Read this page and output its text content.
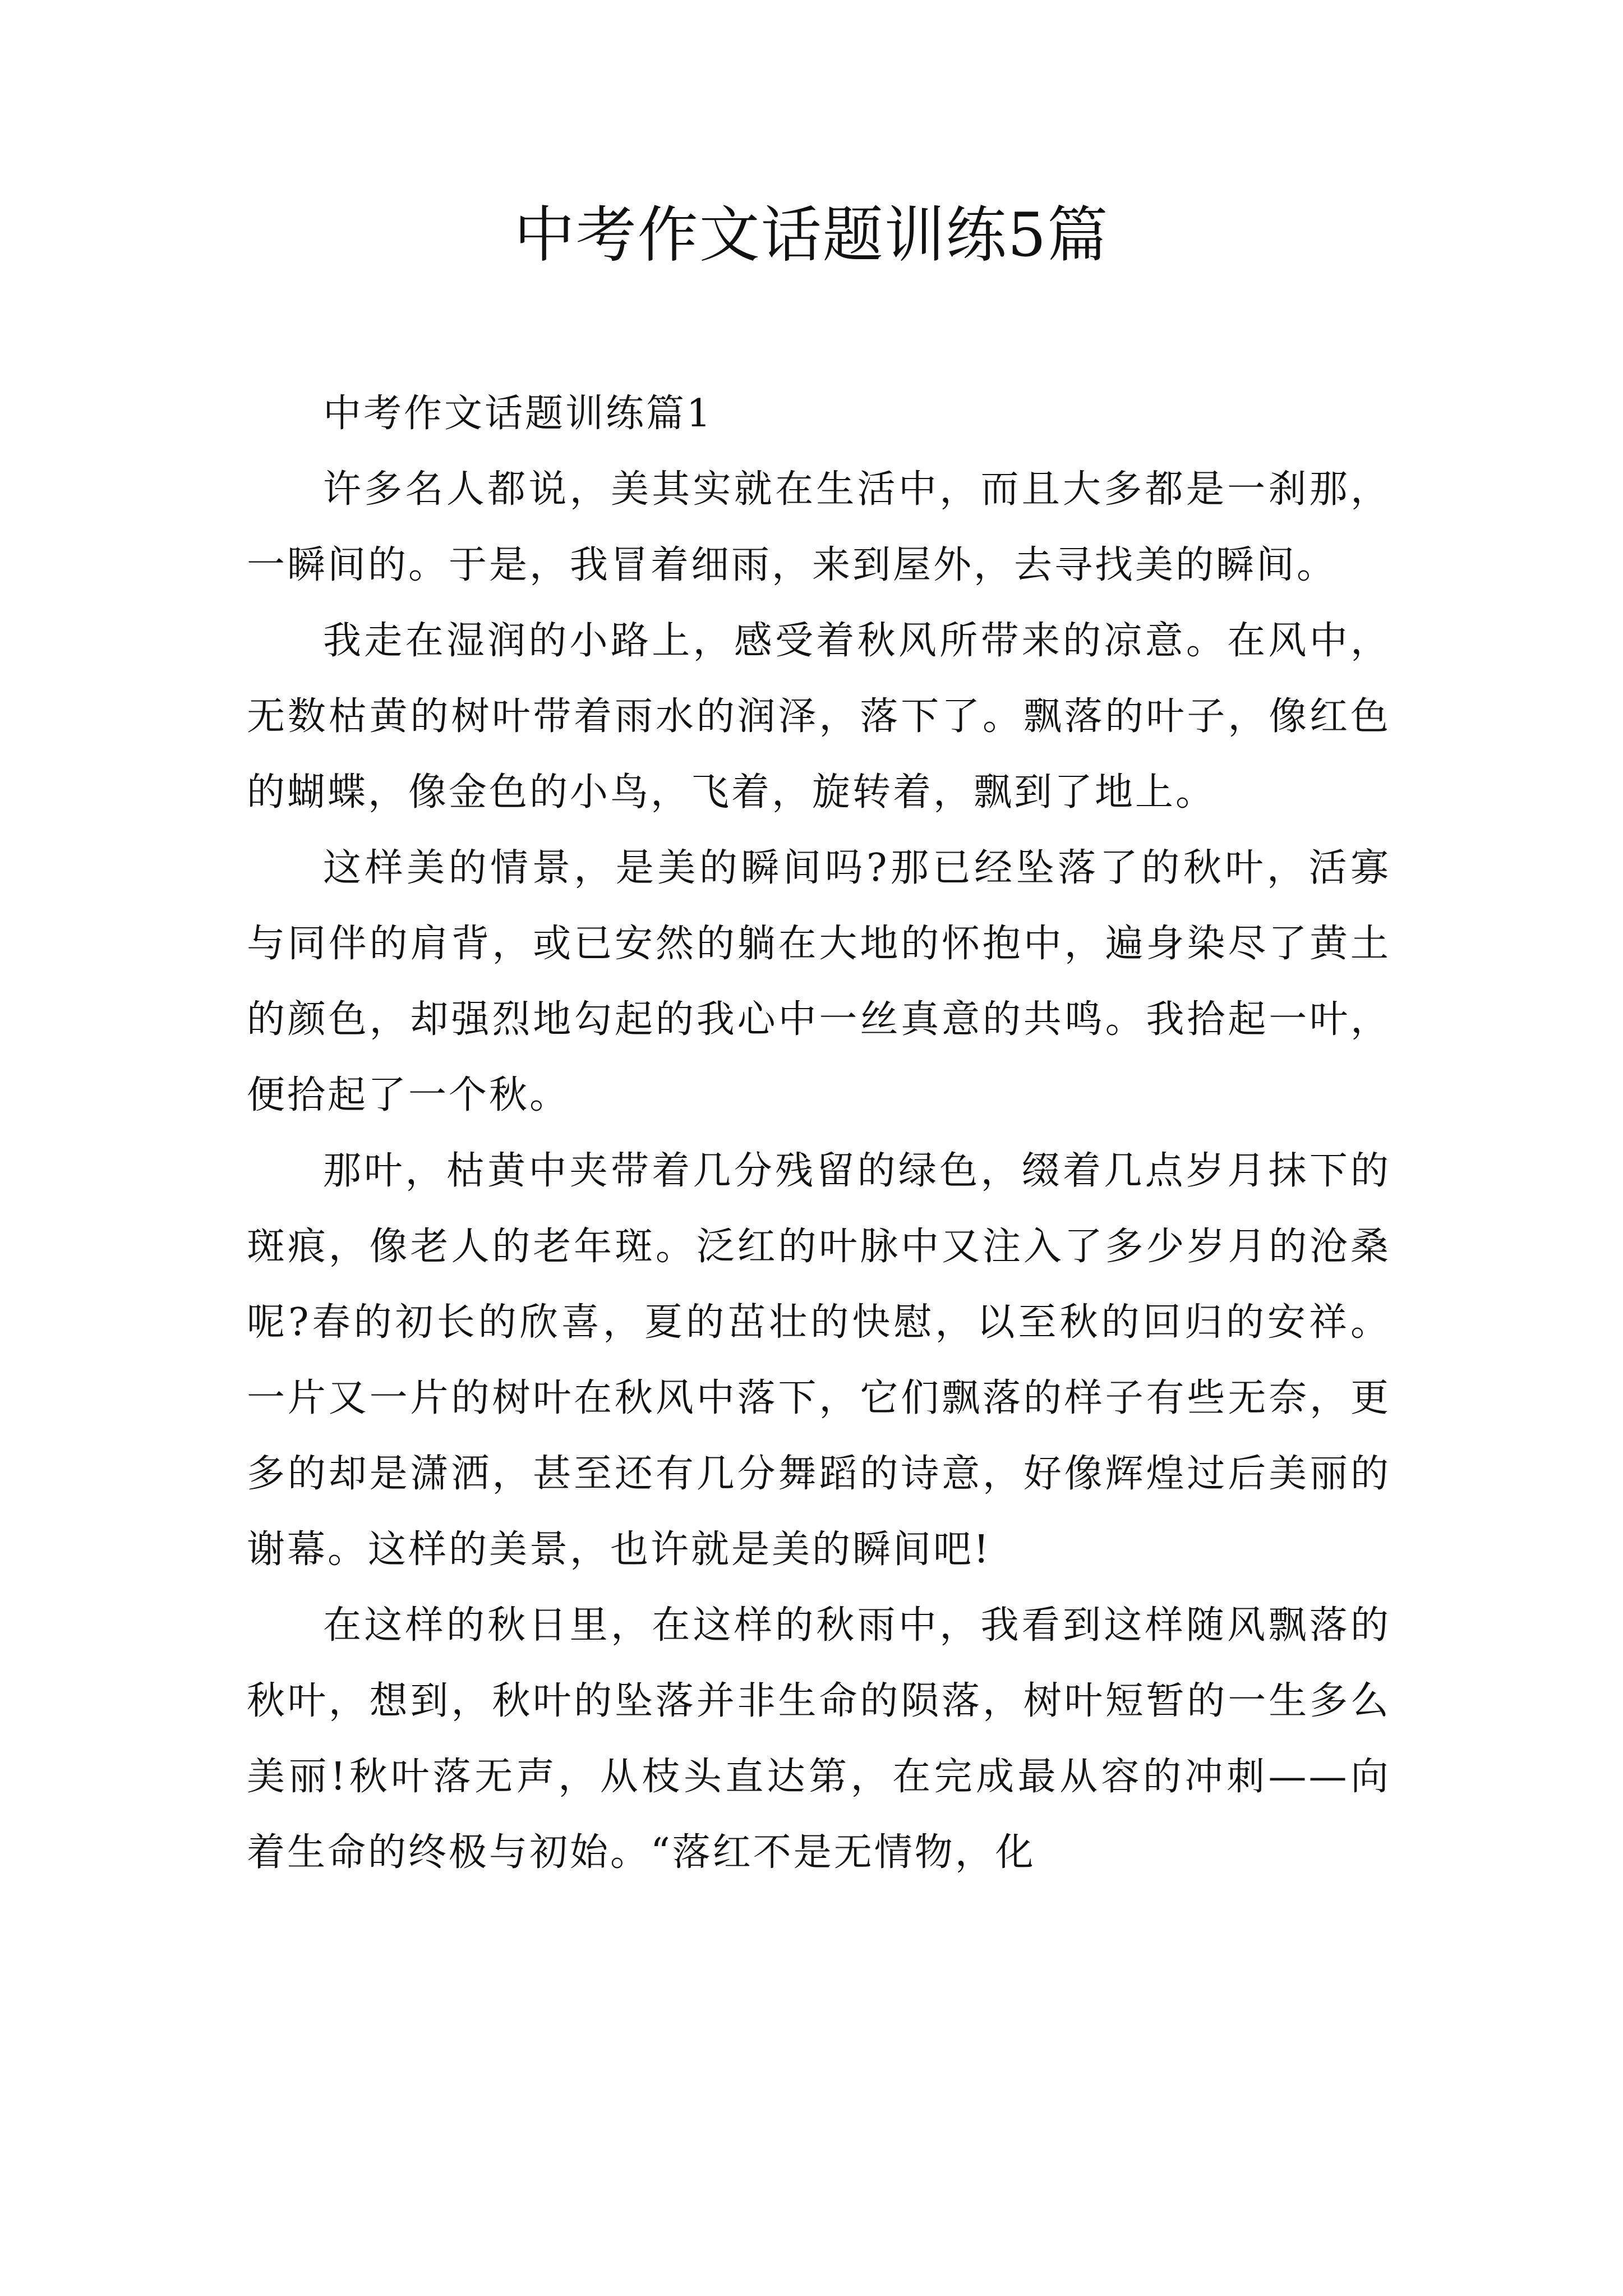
中考作文话题训练5篇

中考作文话题训练篇1

许多名人都说，美其实就在生活中，而且大多都是一刹那，一瞬间的。于是，我冒着细雨，来到屋外，去寻找美的瞬间。

我走在湿润的小路上，感受着秋风所带来的凉意。在风中，无数枯黄的树叶带着雨水的润泽，落下了。飘落的叶子，像红色的蝴蝶，像金色的小鸟，飞着，旋转着，飘到了地上。

这样美的情景，是美的瞬间吗?那已经坠落了的秋叶，活寡与同伴的肩背，或已安然的躺在大地的怀抱中，遍身染尽了黄土的颜色，却强烈地勾起的我心中一丝真意的共鸣。我拾起一叶，便拾起了一个秋。

那叶，枯黄中夹带着几分残留的绿色，缀着几点岁月抹下的斑痕，像老人的老年斑。泛红的叶脉中又注入了多少岁月的沧桑呢?春的初长的欣喜，夏的茁壮的快慰，以至秋的回归的安祥。一片又一片的树叶在秋风中落下，它们飘落的样子有些无奈，更多的却是潇洒，甚至还有几分舞蹈的诗意，好像辉煌过后美丽的谢幕。这样的美景，也许就是美的瞬间吧!

在这样的秋日里，在这样的秋雨中，我看到这样随风飘落的秋叶，想到，秋叶的坠落并非生命的陨落，树叶短暂的一生多么美丽!秋叶落无声，从枝头直达第，在完成最从容的冲刺——向着生命的终极与初始。“落红不是无情物，化
